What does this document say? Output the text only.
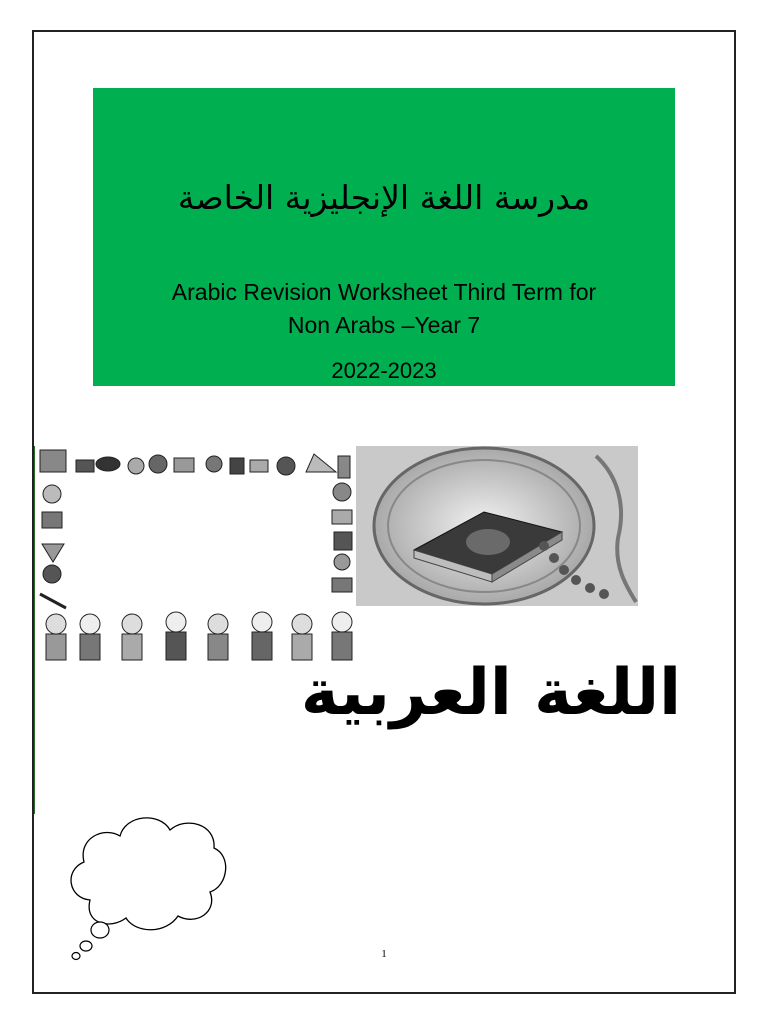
مدرسة اللغة الإنجليزية الخاصة
Arabic Revision Worksheet Third Term for
Non Arabs –Year 7
2022-2023
اللغة العربية
1
